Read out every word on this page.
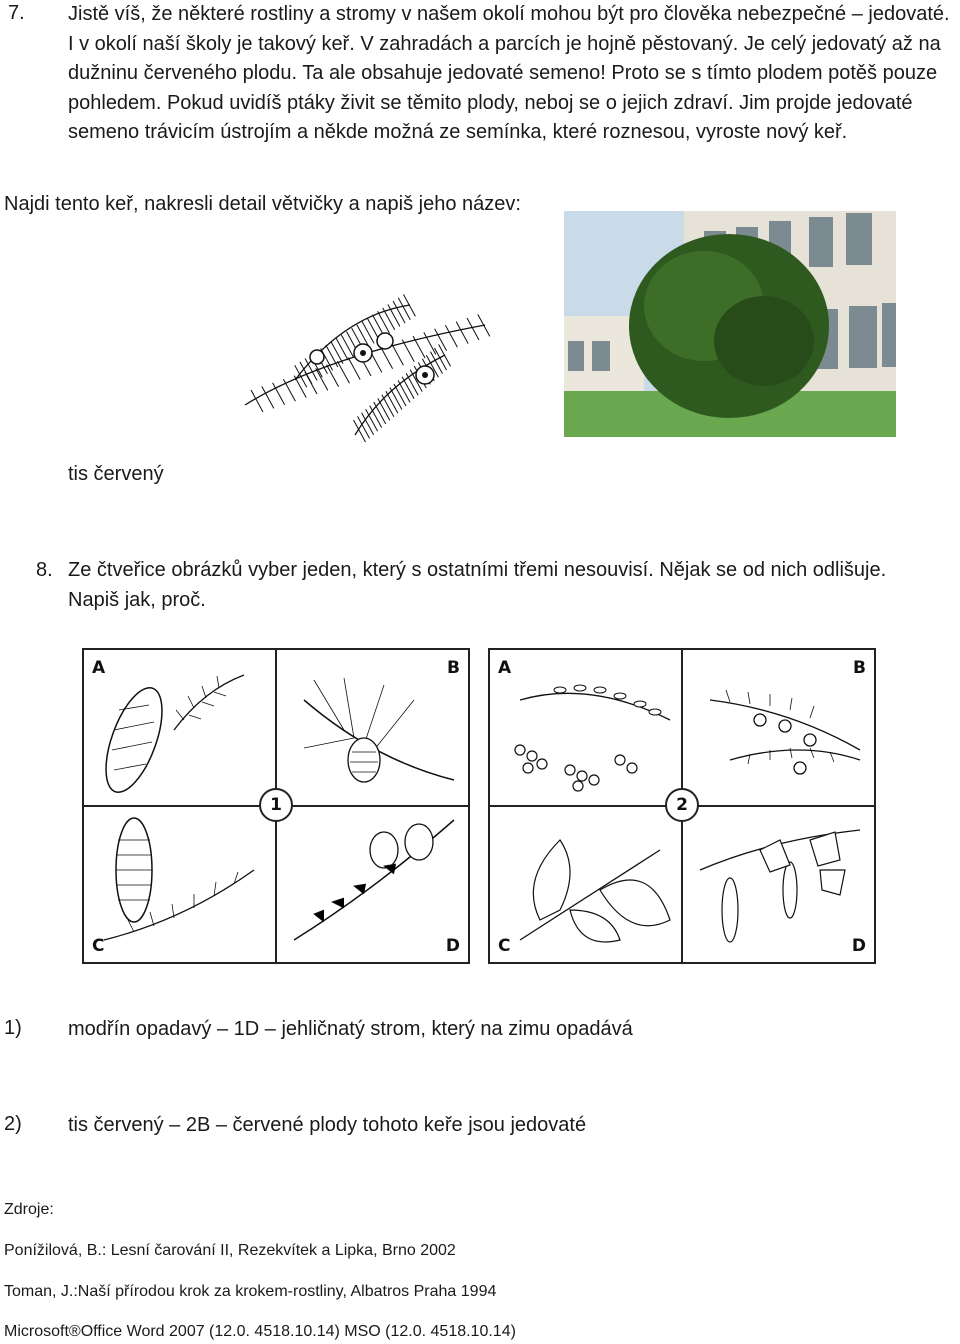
7. Jistě víš, že některé rostliny a stromy v našem okolí mohou být pro člověka nebezpečné – jedovaté. I v okolí naší školy je takový keř. V zahradách a parcích je hojně pěstovaný. Je celý jedovatý až na dužninu červeného plodu. Ta ale obsahuje jedovaté semeno! Proto se s tímto plodem potěš pouze pohledem. Pokud uvidíš ptáky živit se těmito plody, neboj se o jejich zdraví. Jim projde jedovaté semeno trávicím ústrojím a někde možná ze semínka, které roznesou, vyroste nový keř.
Najdi tento keř, nakresli detail větvičky a napiš jeho název:
tis červený
8. Ze čtveřice obrázků vyber jeden, který s ostatními třemi nesouvisí. Nějak se od nich odlišuje. Napiš jak, proč.
A	B
C	D
1
A	B
C	D
2
1) modřín opadavý – 1D – jehličnatý strom, který na zimu opadává
2) tis červený – 2B – červené plody tohoto keře jsou jedovaté
Zdroje:
Ponížilová, B.: Lesní čarování II, Rezekvítek a Lipka, Brno 2002
Toman, J.:Naší přírodou krok za krokem-rostliny, Albatros Praha 1994
Microsoft®Office Word 2007 (12.0. 4518.10.14) MSO (12.0. 4518.10.14)
